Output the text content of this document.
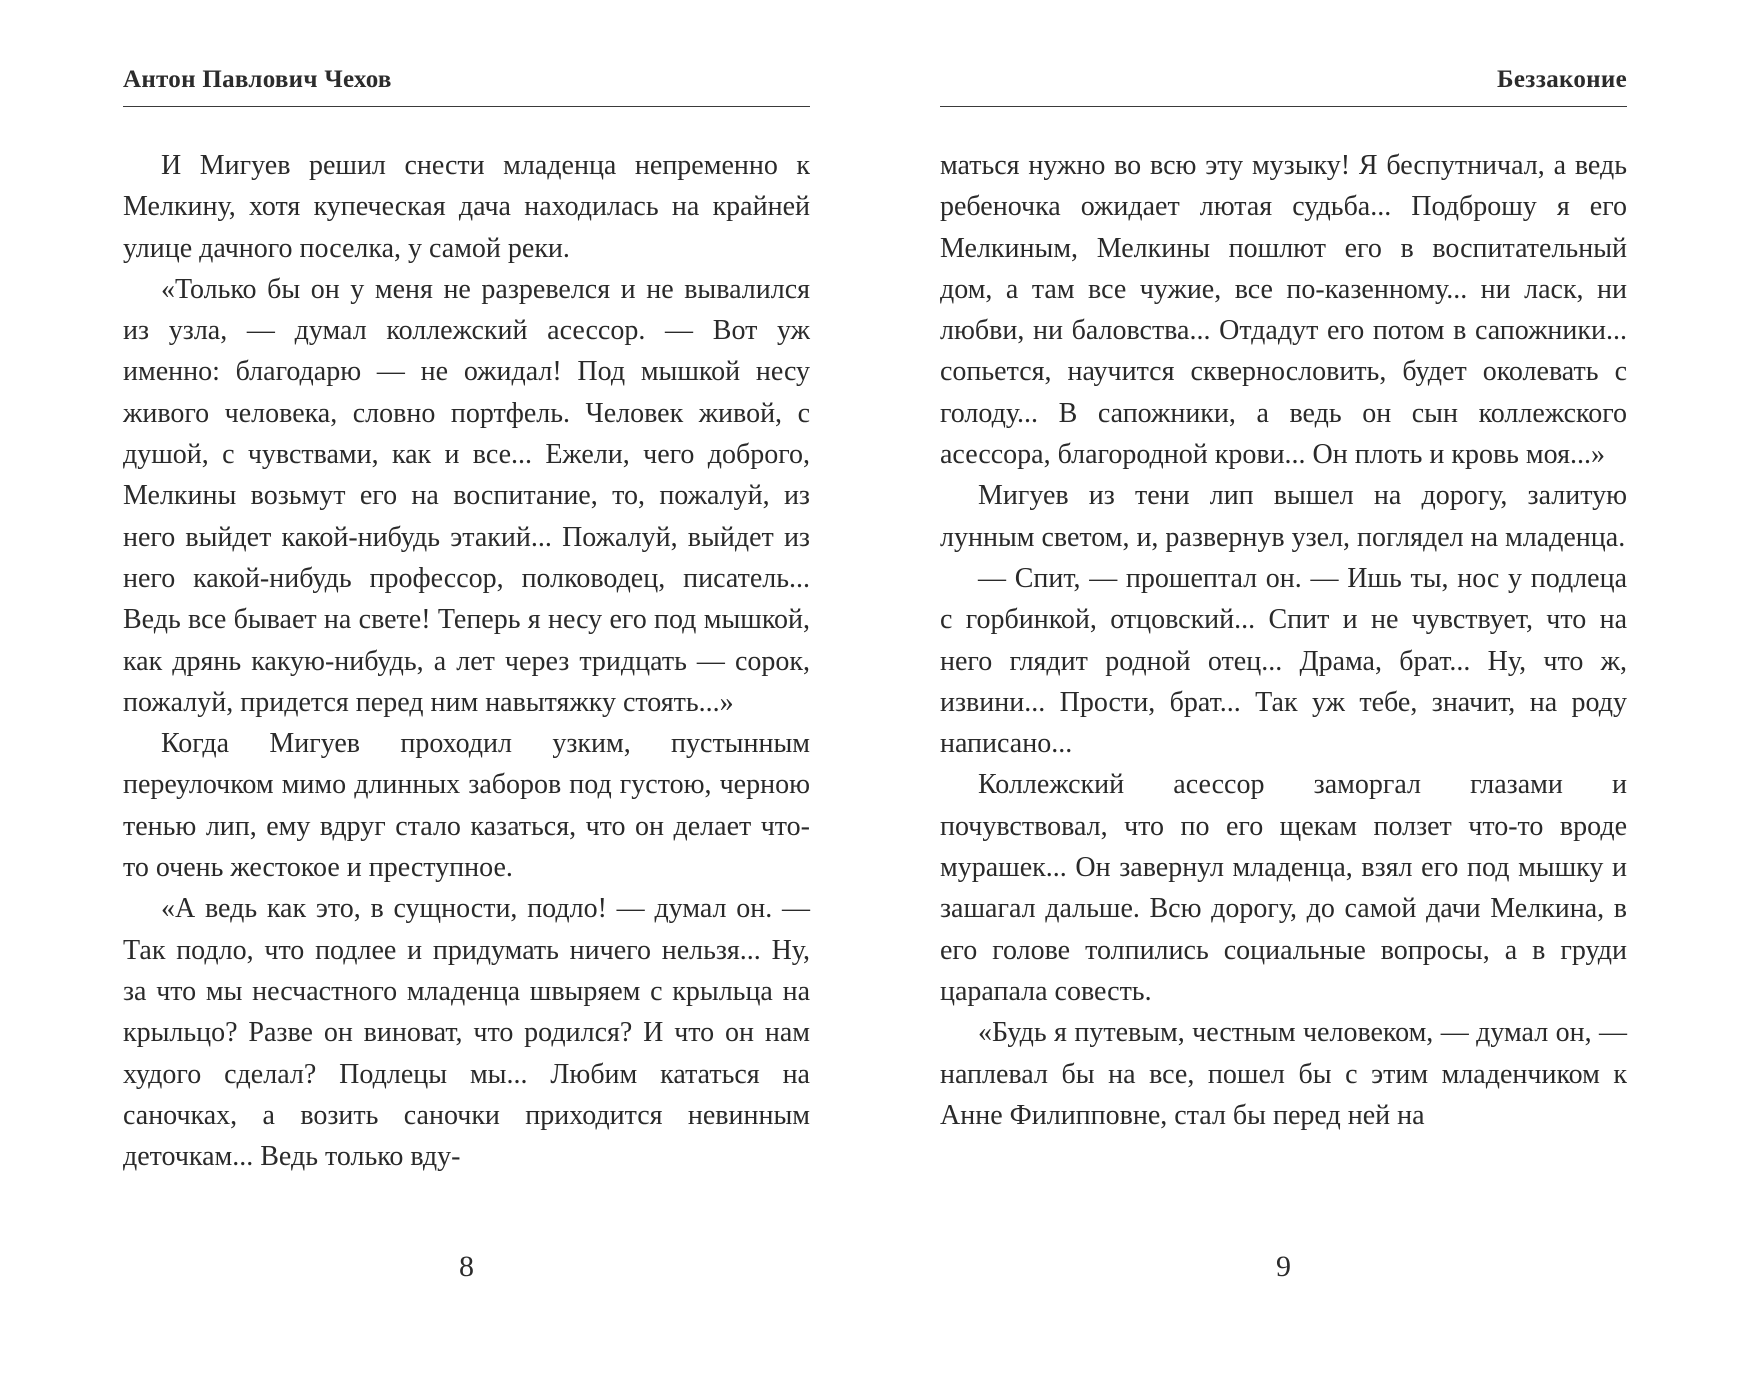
Антон Павлович Чехов

И Мигуев решил снести младенца непременно к Мелкину, хотя купеческая дача находилась на крайней улице дачного поселка, у самой реки.

«Только бы он у меня не разревелся и не вывалился из узла, — думал коллежский асессор. — Вот уж именно: благодарю — не ожидал! Под мышкой несу живого человека, словно портфель. Человек живой, с душой, с чувствами, как и все... Ежели, чего доброго, Мелкины возьмут его на воспитание, то, пожалуй, из него выйдет какой-нибудь этакий... Пожалуй, выйдет из него какой-нибудь профессор, полководец, писатель... Ведь все бывает на свете! Теперь я несу его под мышкой, как дрянь какую-нибудь, а лет через тридцать — сорок, пожалуй, придется перед ним навытяжку стоять...»

Когда Мигуев проходил узким, пустынным переулочком мимо длинных заборов под густою, черною тенью лип, ему вдруг стало казаться, что он делает что-то очень жестокое и преступное.

«А ведь как это, в сущности, подло! — думал он. — Так подло, что подлее и придумать ничего нельзя... Ну, за что мы несчастного младенца швыряем с крыльца на крыльцо? Разве он виноват, что родился? И что он нам худого сделал? Подлецы мы... Любим кататься на саночках, а возить саночки приходится невинным деточкам... Ведь только вду-

8
Беззаконие

маться нужно во всю эту музыку! Я беспутничал, а ведь ребеночка ожидает лютая судьба... Подброшу я его Мелкиным, Мелкины пошлют его в воспитательный дом, а там все чужие, все по-казенному... ни ласк, ни любви, ни баловства... Отдадут его потом в сапожники... сопьется, научится сквернословить, будет околевать с голоду... В сапожники, а ведь он сын коллежского асессора, благородной крови... Он плоть и кровь моя...»

Мигуев из тени лип вышел на дорогу, залитую лунным светом, и, развернув узел, поглядел на младенца.

— Спит, — прошептал он. — Ишь ты, нос у подлеца с горбинкой, отцовский... Спит и не чувствует, что на него глядит родной отец... Драма, брат... Ну, что ж, извини... Прости, брат... Так уж тебе, значит, на роду написано...

Коллежский асессор заморгал глазами и почувствовал, что по его щекам ползет что-то вроде мурашек... Он завернул младенца, взял его под мышку и зашагал дальше. Всю дорогу, до самой дачи Мелкина, в его голове толпились социальные вопросы, а в груди царапала совесть.

«Будь я путевым, честным человеком, — думал он, — наплевал бы на все, пошел бы с этим младенчиком к Анне Филипповне, стал бы перед ней на

9
